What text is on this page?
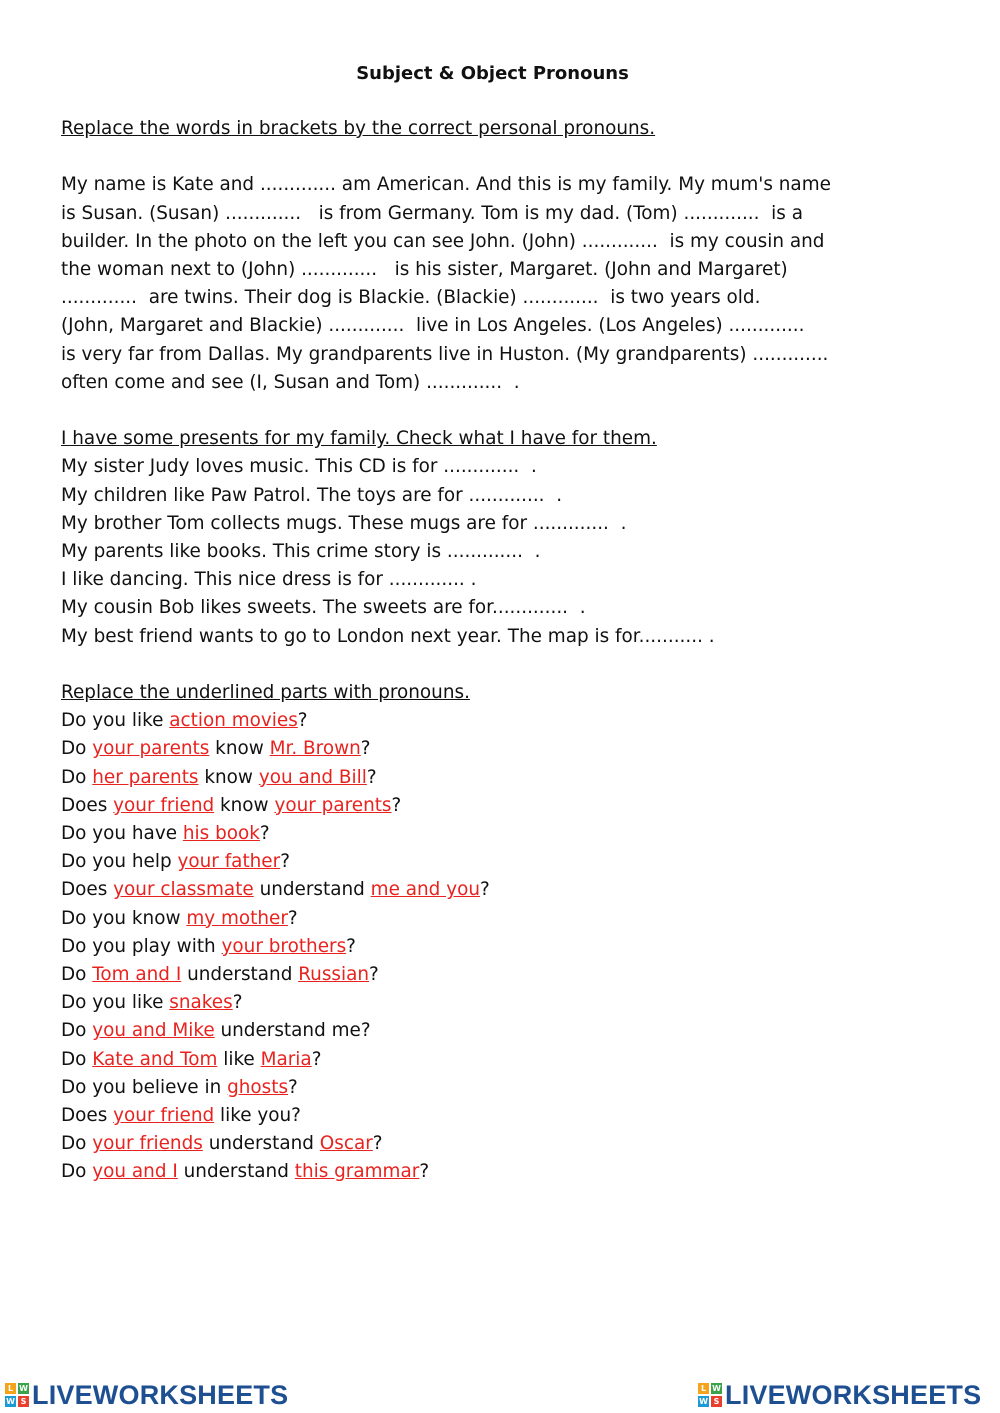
Subject & Object Pronouns

Replace the words in brackets by the correct personal pronouns.

My name is Kate and ............. am American. And this is my family. My mum's name

is Susan. (Susan) .............   is from Germany. Tom is my dad. (Tom) .............  is a

builder. In the photo on the left you can see John. (John) .............  is my cousin and

the woman next to (John) .............   is his sister, Margaret. (John and Margaret)

.............  are twins. Their dog is Blackie. (Blackie) .............  is two years old.

(John, Margaret and Blackie) .............  live in Los Angeles. (Los Angeles) .............

is very far from Dallas. My grandparents live in Huston. (My grandparents) .............

often come and see (I, Susan and Tom) .............  .

I have some presents for my family. Check what I have for them.

My sister Judy loves music. This CD is for .............  .

My children like Paw Patrol. The toys are for .............  .

My brother Tom collects mugs. These mugs are for .............  .

My parents like books. This crime story is .............  .

I like dancing. This nice dress is for ............. .

My cousin Bob likes sweets. The sweets are for.............  .

My best friend wants to go to London next year. The map is for........... .

Replace the underlined parts with pronouns.

Do you like action movies?

Do your parents know Mr. Brown?

Do her parents know you and Bill?

Does your friend know your parents?

Do you have his book?

Do you help your father?

Does your classmate understand me and you?

Do you know my mother?

Do you play with your brothers?

Do Tom and I understand Russian?

Do you like snakes?

Do you and Mike understand me?

Do Kate and Tom like Maria?

Do you believe in ghosts?

Does your friend like you?

Do your friends understand Oscar?

Do you and I understand this grammar?

L W
W S LIVEWORKSHEETS	L W
W S LIVEWORKSHEETS
